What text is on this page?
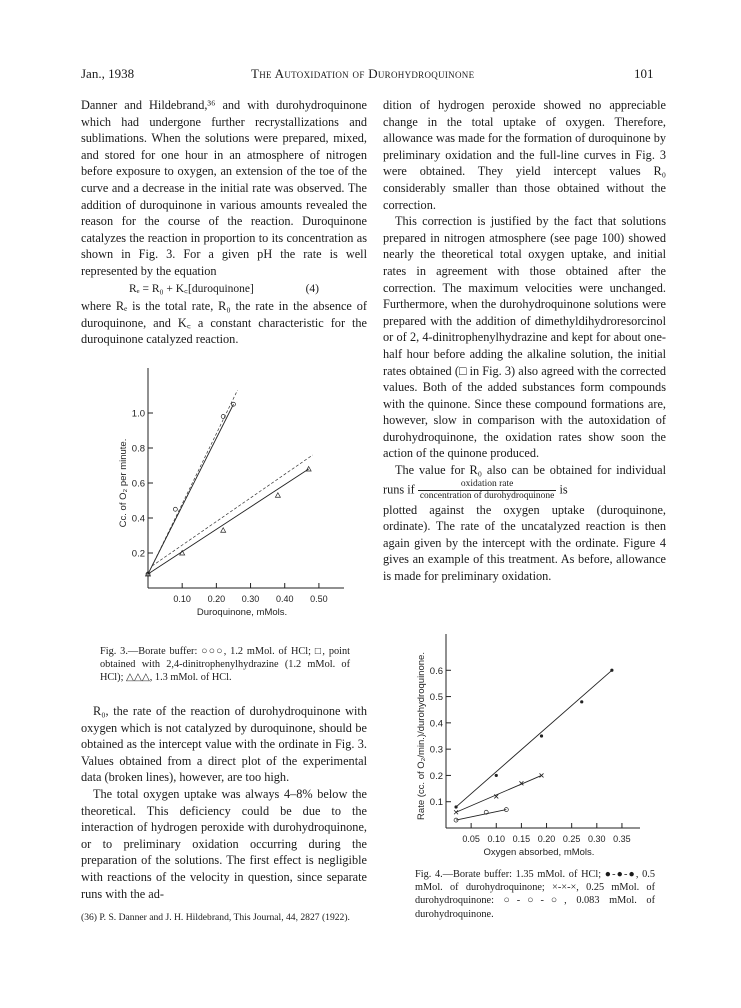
Jan., 1938	The Autoxidation of Durohydroquinone	101

Danner and Hildebrand,³⁶ and with durohydroquinone which had undergone further recrystallizations and sublimations. When the solutions were prepared, mixed, and stored for one hour in an atmosphere of nitrogen before exposure to oxygen, an extension of the toe of the curve and a decrease in the initial rate was observed. The addition of duroquinone in various amounts revealed the reason for the course of the reaction. Duroquinone catalyzes the reaction in proportion to its concentration as shown in Fig. 3. For a given pH the rate is well represented by the equation

Rₑ = R₀ + K꜀[duroquinone]	(4)

where Rₑ is the total rate, R₀ the rate in the absence of duroquinone, and K꜀ a constant characteristic for the duroquinone catalyzed reaction.

0.2
0.4
0.6
0.8
1.0
0.10 0.20 0.30 0.40 0.50
Duroquinone, mMols.
Cc. of O₂ per minute.
Fig. 3.—Borate buffer: ○○○, 1.2 mMol. of HCl; □, point obtained with 2,4-dinitrophenylhydrazine (1.2 mMol. of HCl); △△△, 1.3 mMol. of HCl.

R₀, the rate of the reaction of durohydroquinone with oxygen which is not catalyzed by duroquinone, should be obtained as the intercept value with the ordinate in Fig. 3. Values obtained from a direct plot of the experimental data (broken lines), however, are too high.

The total oxygen uptake was always 4–8% below the theoretical. This deficiency could be due to the interaction of hydrogen peroxide with durohydroquinone, or to preliminary oxidation occurring during the preparation of the solutions. The first effect is negligible with reactions of the velocity in question, since separate runs with the ad-

(36) P. S. Danner and J. H. Hildebrand, This Journal, 44, 2827 (1922).

dition of hydrogen peroxide showed no appreciable change in the total uptake of oxygen. Therefore, allowance was made for the formation of duroquinone by preliminary oxidation and the full-line curves in Fig. 3 were obtained. They yield intercept values R₀ considerably smaller than those obtained without the correction.

This correction is justified by the fact that solutions prepared in nitrogen atmosphere (see page 100) showed nearly the theoretical total oxygen uptake, and initial rates in agreement with those obtained after the correction. The maximum velocities were unchanged. Furthermore, when the durohydroquinone solutions were prepared with the addition of dimethyldihydroresorcinol or of 2, 4-dinitrophenylhydrazine and kept for about one-half hour before adding the alkaline solution, the initial rates obtained (□ in Fig. 3) also agreed with the corrected values. Both of the added substances form compounds with the quinone. Since these compound formations are, however, slow in comparison with the autoxidation of durohydroquinone, the oxidation rates show soon the action of the quinone produced.

The value for R₀ also can be obtained for individual runs if	oxidation rate
concentration of durohydroquinone is

plotted against the oxygen uptake (duroquinone, ordinate). The rate of the uncatalyzed reaction is then again given by the intercept with the ordinate. Figure 4 gives an example of this treatment. As before, allowance is made for preliminary oxidation.

0.1
0.2
0.3
0.4
0.5
0.6
0.05 0.10 0.15 0.20 0.25 0.30 0.35
Oxygen absorbed, mMols.
Rate (cc. of O₂/min.)/durohydroquinone.
Fig. 4.—Borate buffer: 1.35 mMol. of HCl; ●-●-●, 0.5 mMol. of durohydroquinone; ×-×-×, 0.25 mMol. of durohydroquinone: ○-○-○, 0.083 mMol. of durohydroquinone.
